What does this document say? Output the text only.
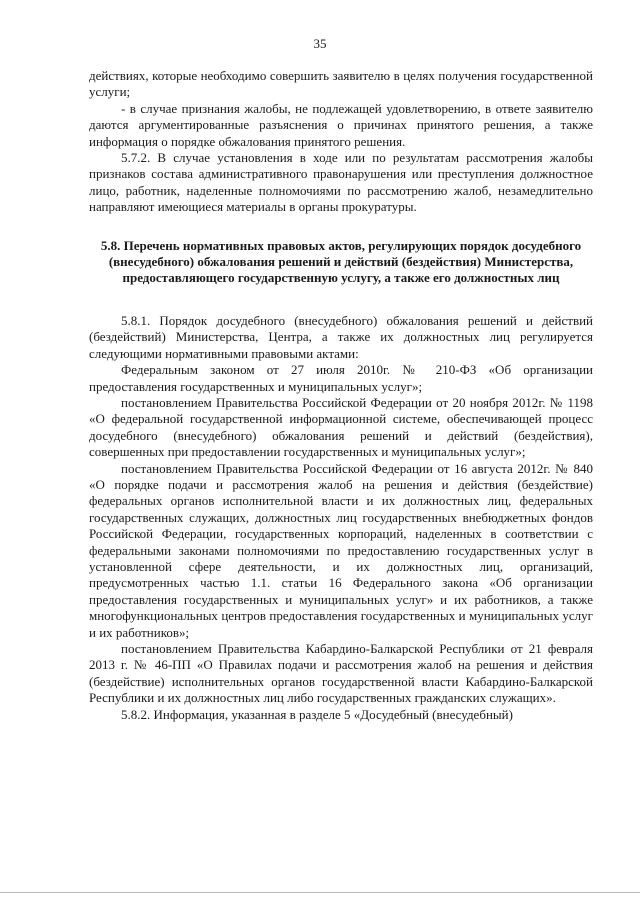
35

действиях, которые необходимо совершить заявителю в целях получения государственной услуги;

- в случае признания жалобы, не подлежащей удовлетворению, в ответе заявителю даются аргументированные разъяснения о причинах принятого решения, а также информация о порядке обжалования принятого решения.

5.7.2. В случае установления в ходе или по результатам рассмотрения жалобы признаков состава административного правонарушения или преступления должностное лицо, работник, наделенные полномочиями по рассмотрению жалоб, незамедлительно направляют имеющиеся материалы в органы прокуратуры.

5.8. Перечень нормативных правовых актов, регулирующих порядок досудебного (внесудебного) обжалования решений и действий (бездействия) Министерства, предоставляющего государственную услугу, а также его должностных лиц

5.8.1. Порядок досудебного (внесудебного) обжалования решений и действий (бездействий) Министерства, Центра, а также их должностных лиц регулируется следующими нормативными правовыми актами:

Федеральным законом от 27 июля 2010г. № 210-ФЗ «Об организации предоставления государственных и муниципальных услуг»;

постановлением Правительства Российской Федерации от 20 ноября 2012г. № 1198 «О федеральной государственной информационной системе, обеспечивающей процесс досудебного (внесудебного) обжалования решений и действий (бездействия), совершенных при предоставлении государственных и муниципальных услуг»;

постановлением Правительства Российской Федерации от 16 августа 2012г. № 840 «О порядке подачи и рассмотрения жалоб на решения и действия (бездействие) федеральных органов исполнительной власти и их должностных лиц, федеральных государственных служащих, должностных лиц государственных внебюджетных фондов Российской Федерации, государственных корпораций, наделенных в соответствии с федеральными законами полномочиями по предоставлению государственных услуг в установленной сфере деятельности, и их должностных лиц, организаций, предусмотренных частью 1.1. статьи 16 Федерального закона «Об организации предоставления государственных и муниципальных услуг» и их работников, а также многофункциональных центров предоставления государственных и муниципальных услуг и их работников»;

постановлением Правительства Кабардино-Балкарской Республики от 21 февраля 2013 г. № 46-ПП «О Правилах подачи и рассмотрения жалоб на решения и действия (бездействие) исполнительных органов государственной власти Кабардино-Балкарской Республики и их должностных лиц либо государственных гражданских служащих».

5.8.2. Информация, указанная в разделе 5 «Досудебный (внесудебный)
